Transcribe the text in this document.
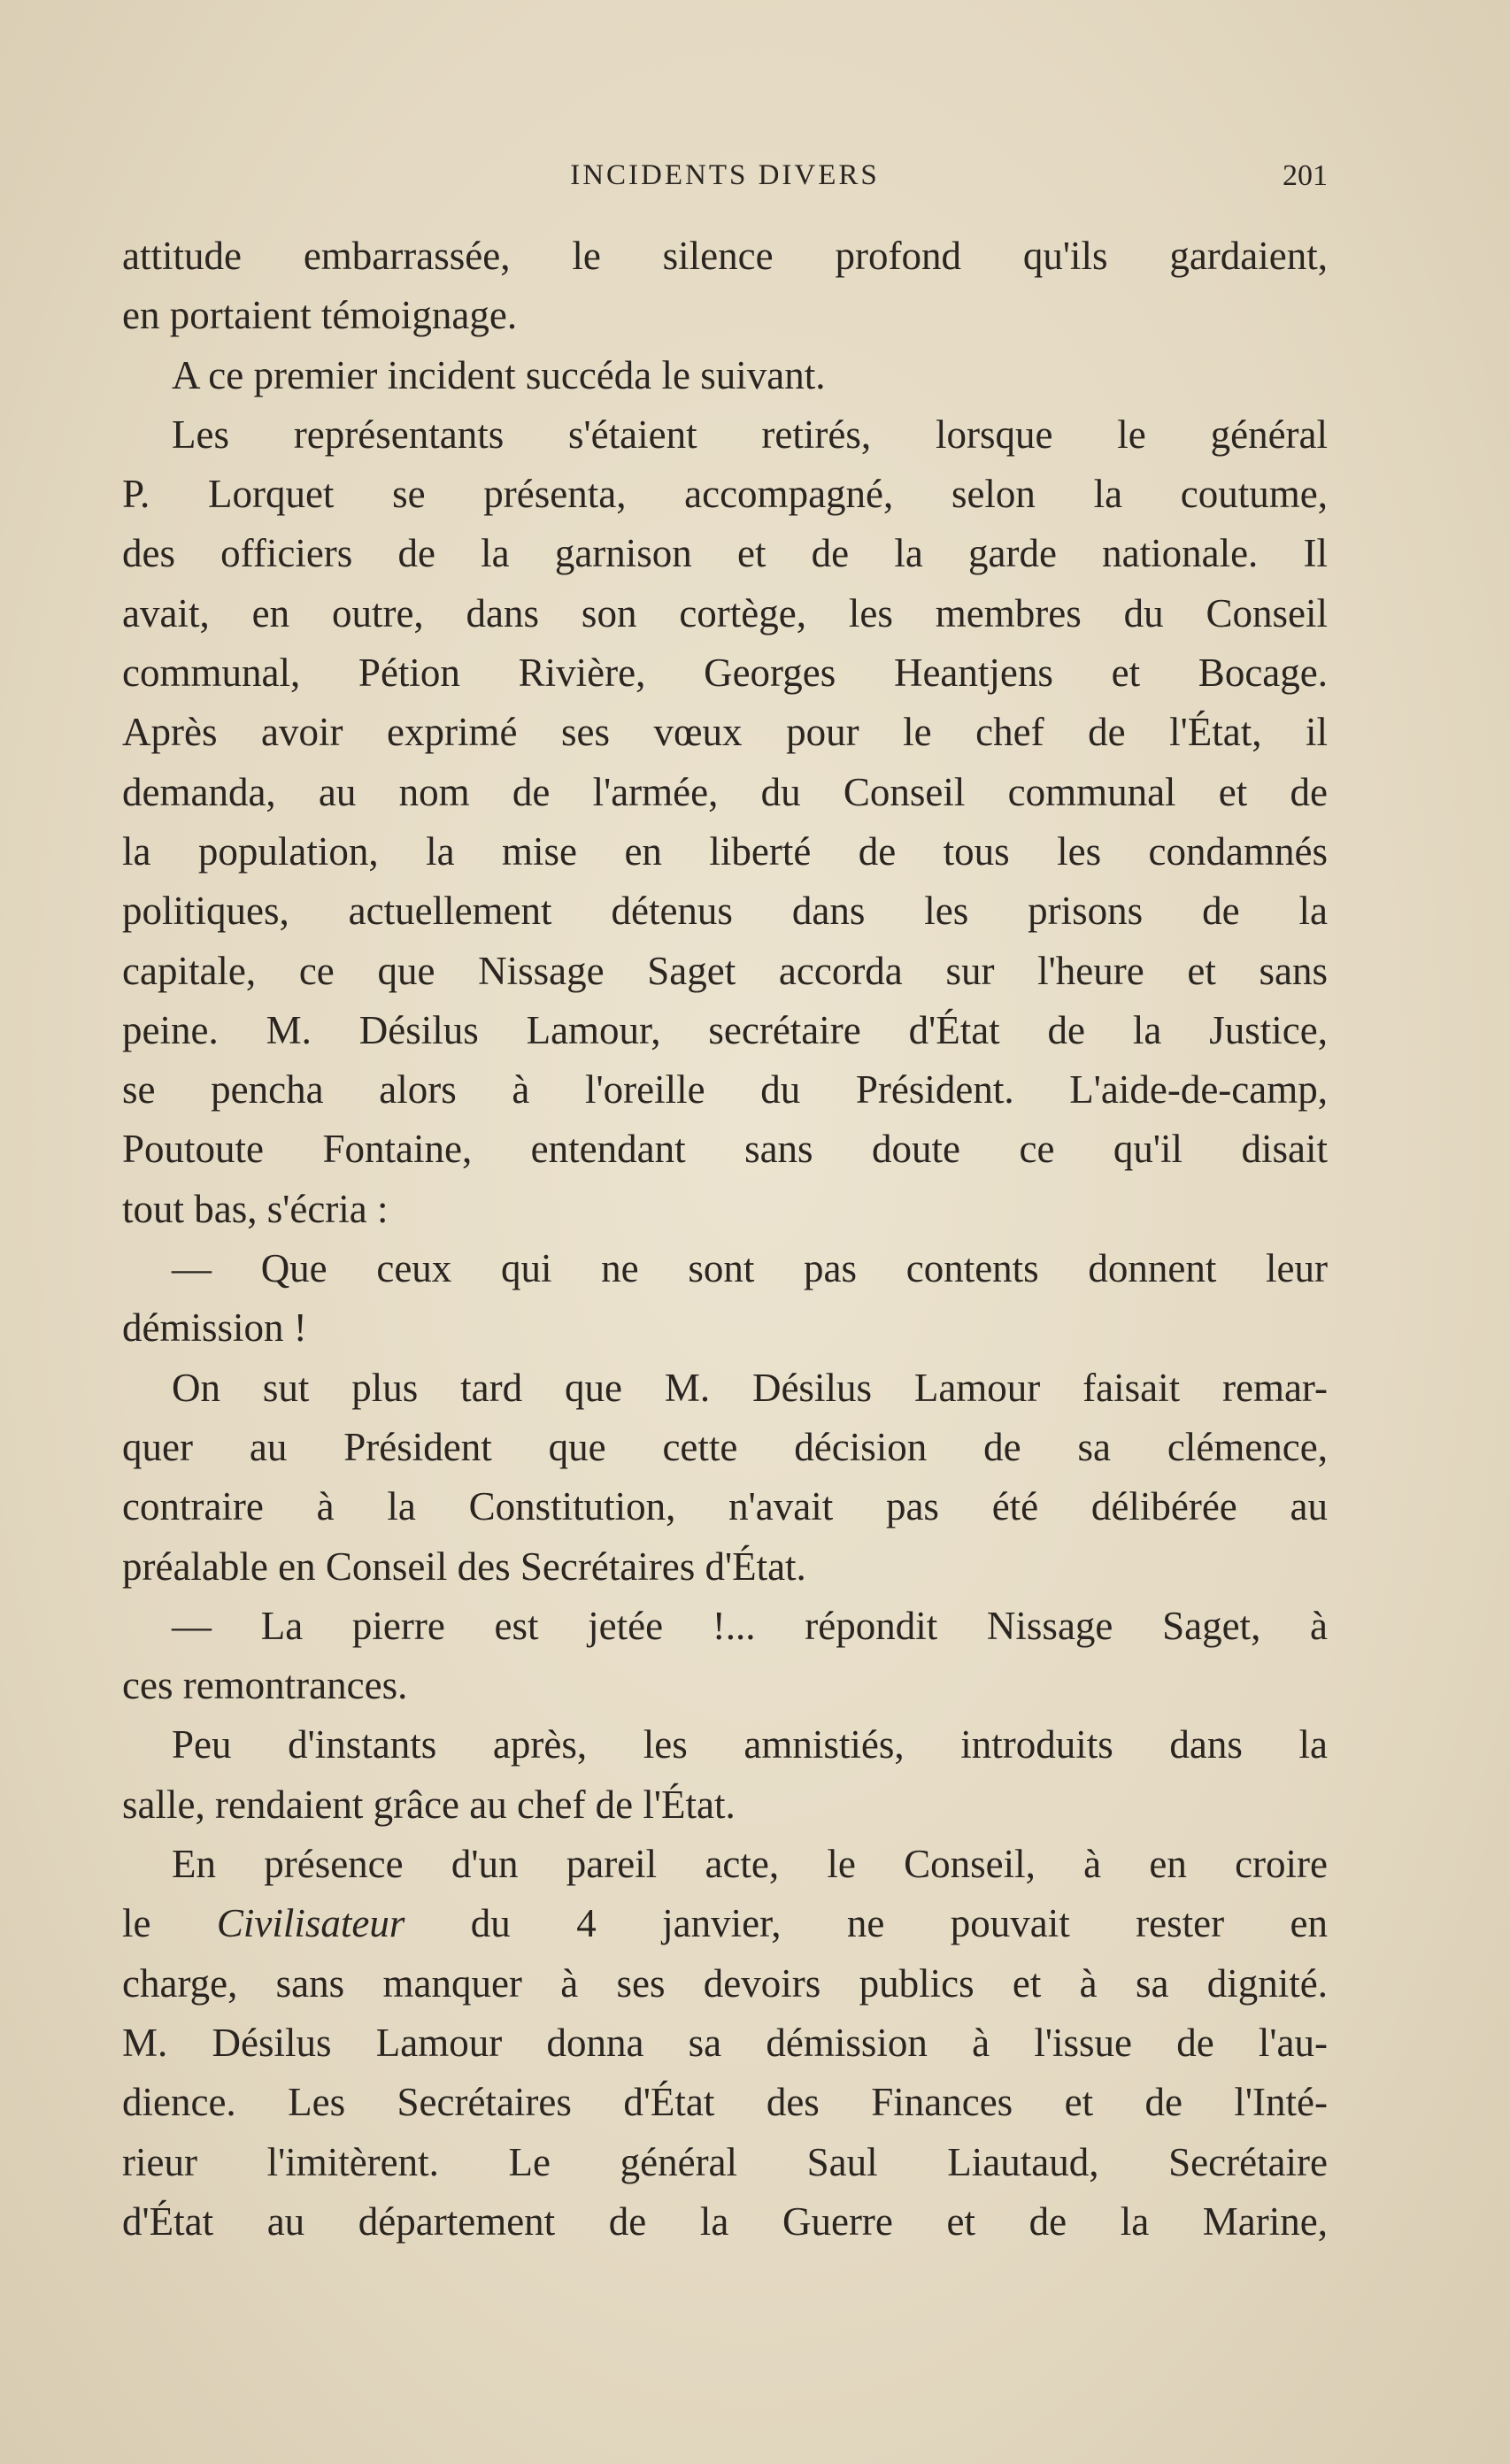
INCIDENTS DIVERS	201
attitude embarrassée, le silence profond qu'ils gardaient,
en portaient témoignage.
A ce premier incident succéda le suivant.
Les représentants s'étaient retirés, lorsque le général
P. Lorquet se présenta, accompagné, selon la coutume,
des officiers de la garnison et de la garde nationale. Il
avait, en outre, dans son cortège, les membres du Conseil
communal, Pétion Rivière, Georges Heantjens et Bocage.
Après avoir exprimé ses vœux pour le chef de l'État, il
demanda, au nom de l'armée, du Conseil communal et de
la population, la mise en liberté de tous les condamnés
politiques, actuellement détenus dans les prisons de la
capitale, ce que Nissage Saget accorda sur l'heure et sans
peine. M. Désilus Lamour, secrétaire d'État de la Justice,
se pencha alors à l'oreille du Président. L'aide-de-camp,
Poutoute Fontaine, entendant sans doute ce qu'il disait
tout bas, s'écria :
— Que ceux qui ne sont pas contents donnent leur
démission !
On sut plus tard que M. Désilus Lamour faisait remar-
quer au Président que cette décision de sa clémence,
contraire à la Constitution, n'avait pas été délibérée au
préalable en Conseil des Secrétaires d'État.
— La pierre est jetée !... répondit Nissage Saget, à
ces remontrances.
Peu d'instants après, les amnistiés, introduits dans la
salle, rendaient grâce au chef de l'État.
En présence d'un pareil acte, le Conseil, à en croire
le Civilisateur du 4 janvier, ne pouvait rester en
charge, sans manquer à ses devoirs publics et à sa dignité.
M. Désilus Lamour donna sa démission à l'issue de l'au-
dience. Les Secrétaires d'État des Finances et de l'Inté-
rieur l'imitèrent. Le général Saul Liautaud, Secrétaire
d'État au département de la Guerre et de la Marine,
